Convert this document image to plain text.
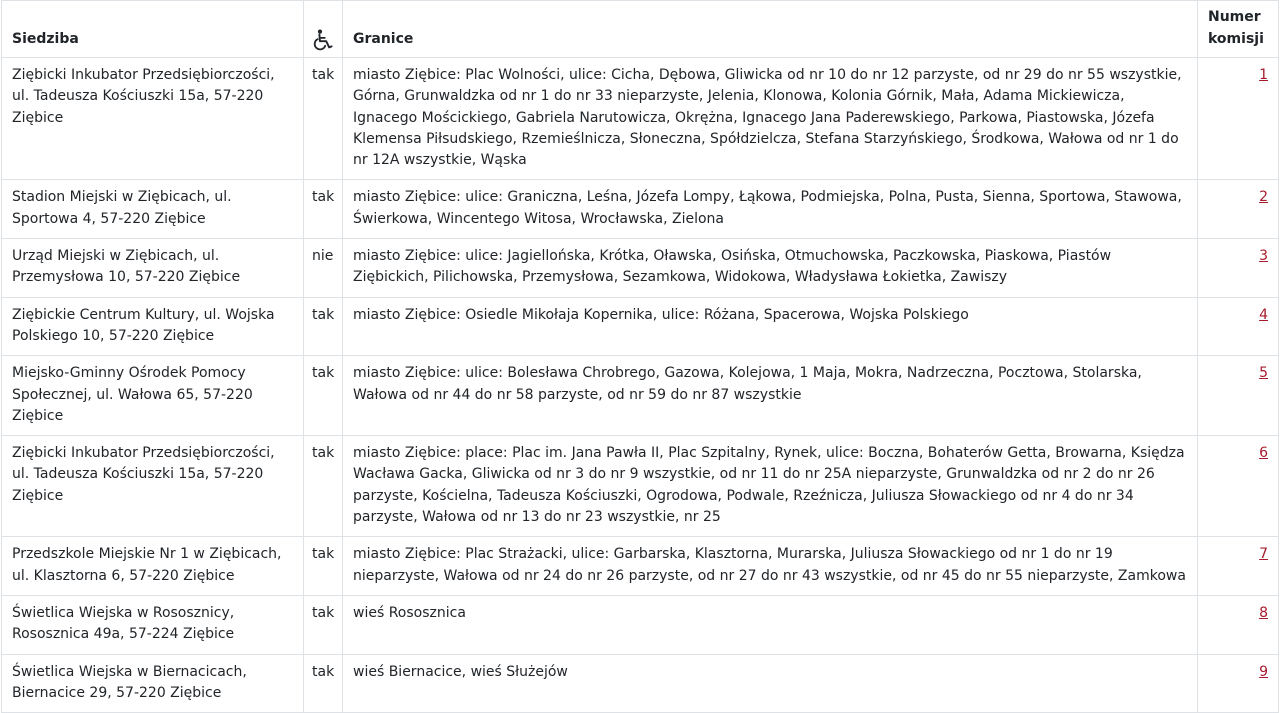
Siedziba		Granice	Numer komisji
Ziębicki Inkubator Przedsiębiorczości, ul. Tadeusza Kościuszki 15a, 57-220 Ziębice	tak	miasto Ziębice: Plac Wolności, ulice: Cicha, Dębowa, Gliwicka od nr 10 do nr 12 parzyste, od nr 29 do nr 55 wszystkie, Górna, Grunwaldzka od nr 1 do nr 33 nieparzyste, Jelenia, Klonowa, Kolonia Górnik, Mała, Adama Mickiewicza, Ignacego Mościckiego, Gabriela Narutowicza, Okrężna, Ignacego Jana Paderewskiego, Parkowa, Piastowska, Józefa Klemensa Piłsudskiego, Rzemieślnicza, Słoneczna, Spółdzielcza, Stefana Starzyńskiego, Środkowa, Wałowa od nr 1 do nr 12A wszystkie, Wąska	1
Stadion Miejski w Ziębicach, ul. Sportowa 4, 57-220 Ziębice	tak	miasto Ziębice: ulice: Graniczna, Leśna, Józefa Lompy, Łąkowa, Podmiejska, Polna, Pusta, Sienna, Sportowa, Stawowa, Świerkowa, Wincentego Witosa, Wrocławska, Zielona	2
Urząd Miejski w Ziębicach, ul. Przemysłowa 10, 57-220 Ziębice	nie	miasto Ziębice: ulice: Jagiellońska, Krótka, Oławska, Osińska, Otmuchowska, Paczkowska, Piaskowa, Piastów Ziębickich, Pilichowska, Przemysłowa, Sezamkowa, Widokowa, Władysława Łokietka, Zawiszy	3
Ziębickie Centrum Kultury, ul. Wojska Polskiego 10, 57-220 Ziębice	tak	miasto Ziębice: Osiedle Mikołaja Kopernika, ulice: Różana, Spacerowa, Wojska Polskiego	4
Miejsko-Gminny Ośrodek Pomocy Społecznej, ul. Wałowa 65, 57-220 Ziębice	tak	miasto Ziębice: ulice: Bolesława Chrobrego, Gazowa, Kolejowa, 1 Maja, Mokra, Nadrzeczna, Pocztowa, Stolarska, Wałowa od nr 44 do nr 58 parzyste, od nr 59 do nr 87 wszystkie	5
Ziębicki Inkubator Przedsiębiorczości, ul. Tadeusza Kościuszki 15a, 57-220 Ziębice	tak	miasto Ziębice: place: Plac im. Jana Pawła II, Plac Szpitalny, Rynek, ulice: Boczna, Bohaterów Getta, Browarna, Księdza Wacława Gacka, Gliwicka od nr 3 do nr 9 wszystkie, od nr 11 do nr 25A nieparzyste, Grunwaldzka od nr 2 do nr 26 parzyste, Kościelna, Tadeusza Kościuszki, Ogrodowa, Podwale, Rzeźnicza, Juliusza Słowackiego od nr 4 do nr 34 parzyste, Wałowa od nr 13 do nr 23 wszystkie, nr 25	6
Przedszkole Miejskie Nr 1 w Ziębicach, ul. Klasztorna 6, 57-220 Ziębice	tak	miasto Ziębice: Plac Strażacki, ulice: Garbarska, Klasztorna, Murarska, Juliusza Słowackiego od nr 1 do nr 19 nieparzyste, Wałowa od nr 24 do nr 26 parzyste, od nr 27 do nr 43 wszystkie, od nr 45 do nr 55 nieparzyste, Zamkowa	7
Świetlica Wiejska w Rososznicy, Rososznica 49a, 57-224 Ziębice	tak	wieś Rososznica	8
Świetlica Wiejska w Biernacicach, Biernacice 29, 57-220 Ziębice	tak	wieś Biernacice, wieś Służejów	9
